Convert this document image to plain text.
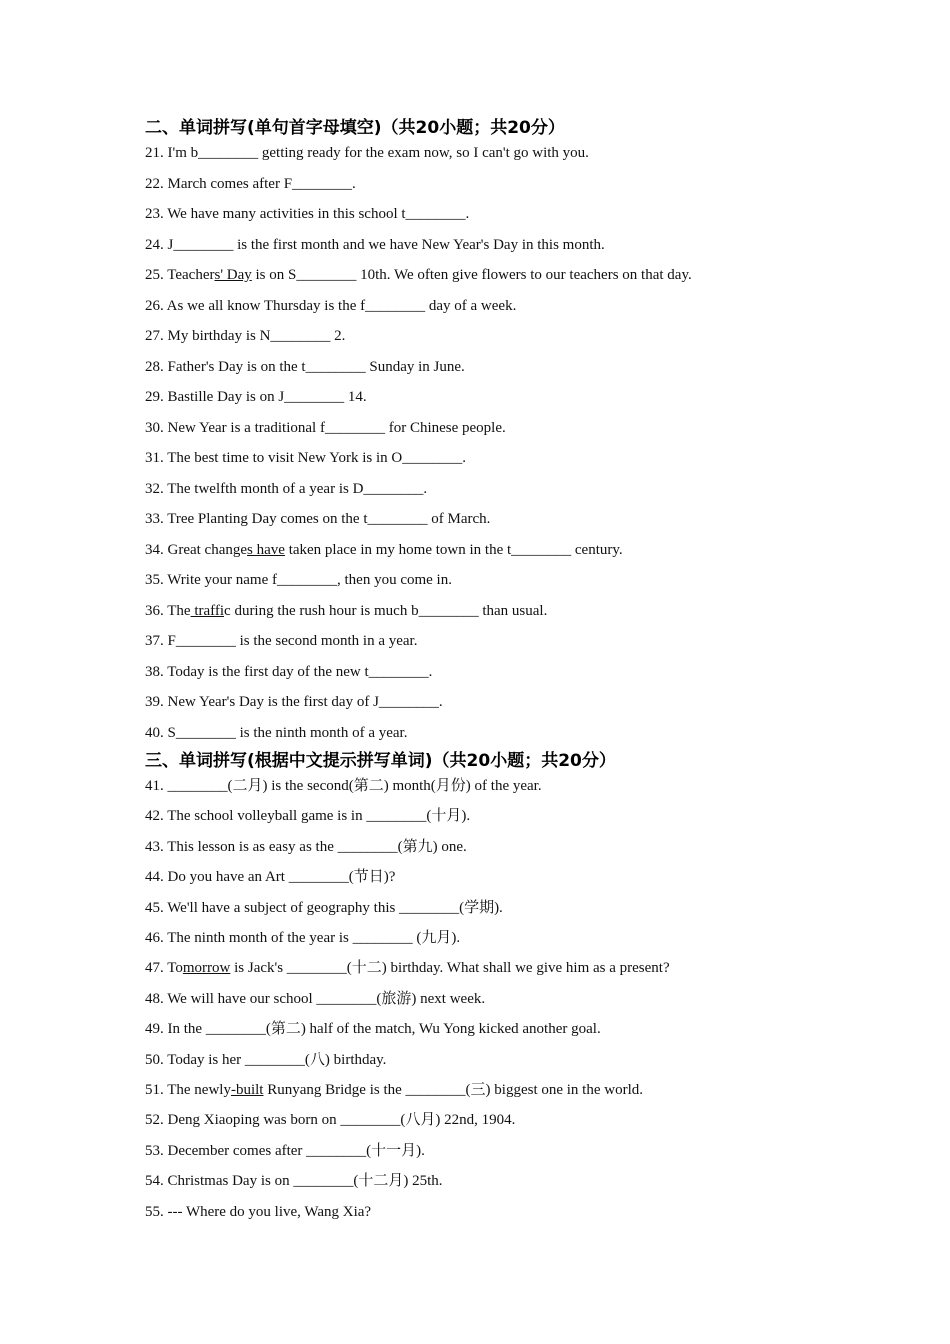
二、单词拼写(单句首字母填空)（共20小题；共20分）
21. I'm b________ getting ready for the exam now, so I can't go with you.
22. March comes after F________.
23. We have many activities in this school t________.
24. J________ is the first month and we have New Year's Day in this month.
25. Teachers' Day is on S________ 10th. We often give flowers to our teachers on that day.
26. As we all know Thursday is the f________ day of a week.
27. My birthday is N________ 2.
28. Father's Day is on the t________ Sunday in June.
29. Bastille Day is on J________ 14.
30. New Year is a traditional f________ for Chinese people.
31. The best time to visit New York is in O________.
32. The twelfth month of a year is D________.
33. Tree Planting Day comes on the t________ of March.
34. Great changes have taken place in my home town in the t________ century.
35. Write your name f________, then you come in.
36. The traffic during the rush hour is much b________ than usual.
37. F________ is the second month in a year.
38. Today is the first day of the new t________.
39. New Year's Day is the first day of J________.
40. S________ is the ninth month of a year.
三、单词拼写(根据中文提示拼写单词)（共20小题；共20分）
41. ________(二月) is the second(第二) month(月份) of the year.
42. The school volleyball game is in ________(十月).
43. This lesson is as easy as the ________(第九) one.
44. Do you have an Art ________(节日)?
45. We'll have a subject of geography this ________(学期).
46. The ninth month of the year is ________ (九月).
47. Tomorrow is Jack's ________(十二) birthday. What shall we give him as a present?
48. We will have our school ________(旅游) next week.
49. In the ________(第二) half of the match, Wu Yong kicked another goal.
50. Today is her ________(八) birthday.
51. The newly-built Runyang Bridge is the ________(三) biggest one in the world.
52. Deng Xiaoping was born on ________(八月) 22nd, 1904.
53. December comes after ________(十一月).
54. Christmas Day is on ________(十二月) 25th.
55. --- Where do you live, Wang Xia?
